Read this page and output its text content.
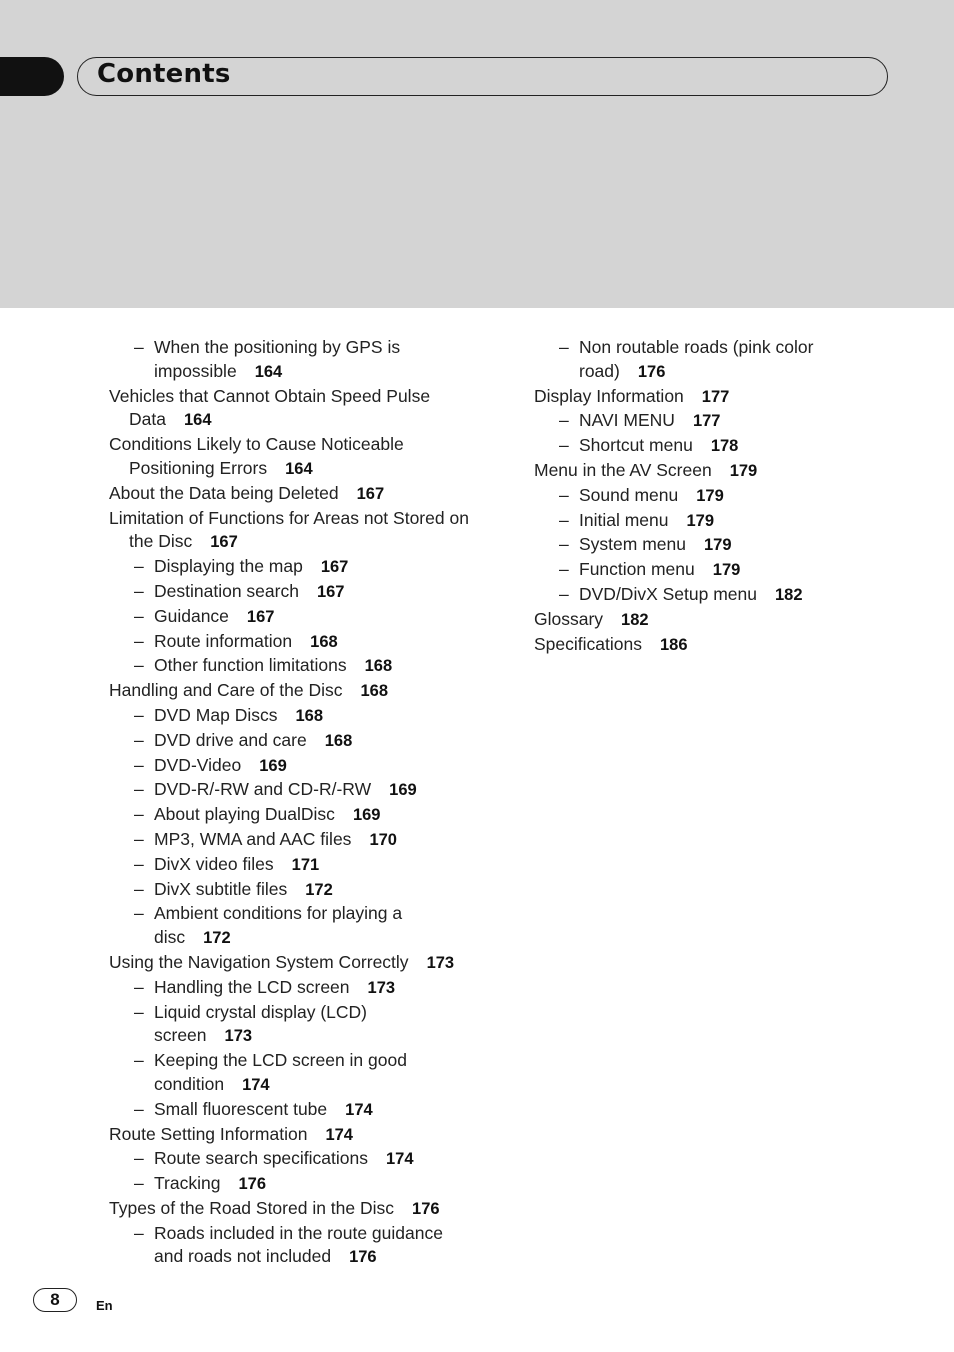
Contents
– When the positioning by GPS is impossible 164
Vehicles that Cannot Obtain Speed Pulse Data 164
Conditions Likely to Cause Noticeable Positioning Errors 164
About the Data being Deleted 167
Limitation of Functions for Areas not Stored on the Disc 167
– Displaying the map 167
– Destination search 167
– Guidance 167
– Route information 168
– Other function limitations 168
Handling and Care of the Disc 168
– DVD Map Discs 168
– DVD drive and care 168
– DVD-Video 169
– DVD-R/-RW and CD-R/-RW 169
– About playing DualDisc 169
– MP3, WMA and AAC files 170
– DivX video files 171
– DivX subtitle files 172
– Ambient conditions for playing a disc 172
Using the Navigation System Correctly 173
– Handling the LCD screen 173
– Liquid crystal display (LCD) screen 173
– Keeping the LCD screen in good condition 174
– Small fluorescent tube 174
Route Setting Information 174
– Route search specifications 174
– Tracking 176
Types of the Road Stored in the Disc 176
– Roads included in the route guidance and roads not included 176
– Non routable roads (pink color road) 176
Display Information 177
– NAVI MENU 177
– Shortcut menu 178
Menu in the AV Screen 179
– Sound menu 179
– Initial menu 179
– System menu 179
– Function menu 179
– DVD/DivX Setup menu 182
Glossary 182
Specifications 186
8	En
